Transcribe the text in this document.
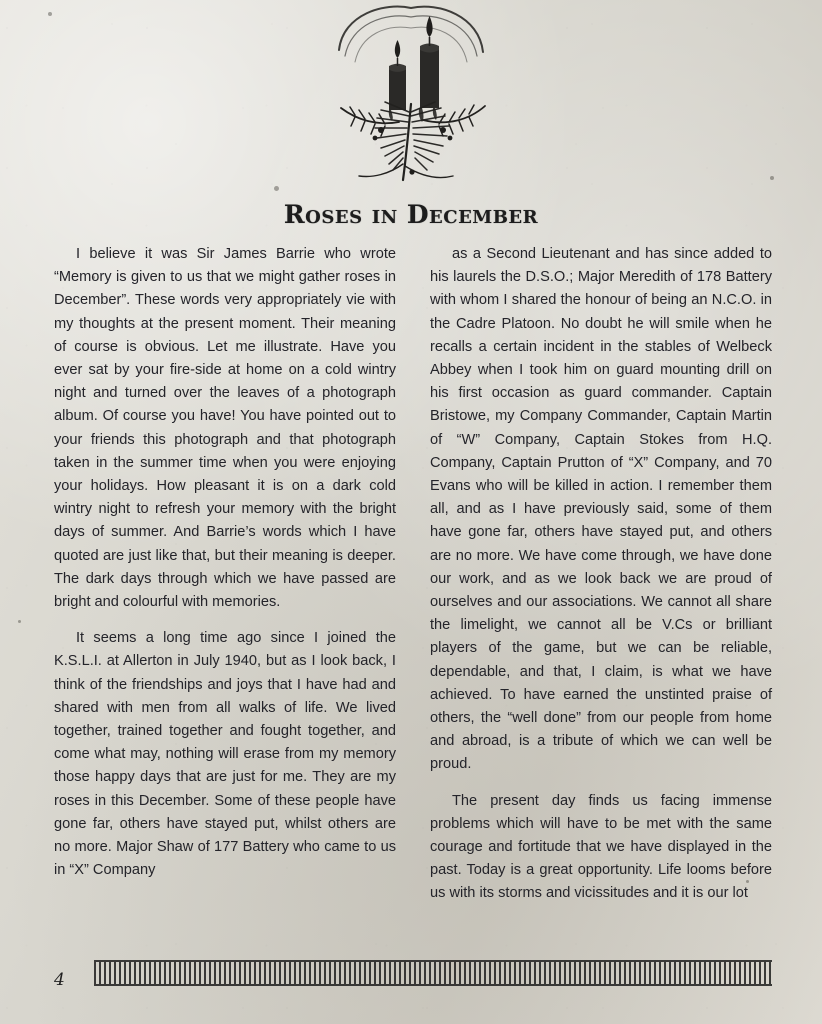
Roses in December

I believe it was Sir James Barrie who wrote “Memory is given to us that we might gather roses in December”. These words very appropriately vie with my thoughts at the present moment. Their meaning of course is obvious. Let me illustrate. Have you ever sat by your fire-side at home on a cold wintry night and turned over the leaves of a photograph album. Of course you have! You have pointed out to your friends this photograph and that photograph taken in the summer time when you were enjoying your holidays. How pleasant it is on a dark cold wintry night to refresh your memory with the bright days of summer. And Barrie’s words which I have quoted are just like that, but their meaning is deeper. The dark days through which we have passed are bright and colourful with memories.

It seems a long time ago since I joined the K.S.L.I. at Allerton in July 1940, but as I look back, I think of the friendships and joys that I have had and shared with men from all walks of life. We lived together, trained together and fought together, and come what may, nothing will erase from my memory those happy days that are just for me. They are my roses in this December. Some of these people have gone far, others have stayed put, whilst others are no more. Major Shaw of 177 Battery who came to us in “X” Company

as a Second Lieutenant and has since added to his laurels the D.S.O.; Major Meredith of 178 Battery with whom I shared the honour of being an N.C.O. in the Cadre Platoon. No doubt he will smile when he recalls a certain incident in the stables of Welbeck Abbey when I took him on guard mounting drill on his first occasion as guard commander. Captain Bristowe, my Company Commander, Captain Martin of “W” Company, Captain Stokes from H.Q. Company, Captain Prutton of “X” Company, and 70 Evans who will be killed in action. I remember them all, and as I have previously said, some of them have gone far, others have stayed put, and others are no more. We have come through, we have done our work, and as we look back we are proud of ourselves and our associations. We cannot all share the limelight, we cannot all be V.Cs or brilliant players of the game, but we can be reliable, dependable, and that, I claim, is what we have achieved. To have earned the unstinted praise of others, the “well done” from our people from home and abroad, is a tribute of which we can well be proud.

The present day finds us facing immense problems which will have to be met with the same courage and fortitude that we have displayed in the past. Today is a great opportunity. Life looms before us with its storms and vicissitudes and it is our lot

4
